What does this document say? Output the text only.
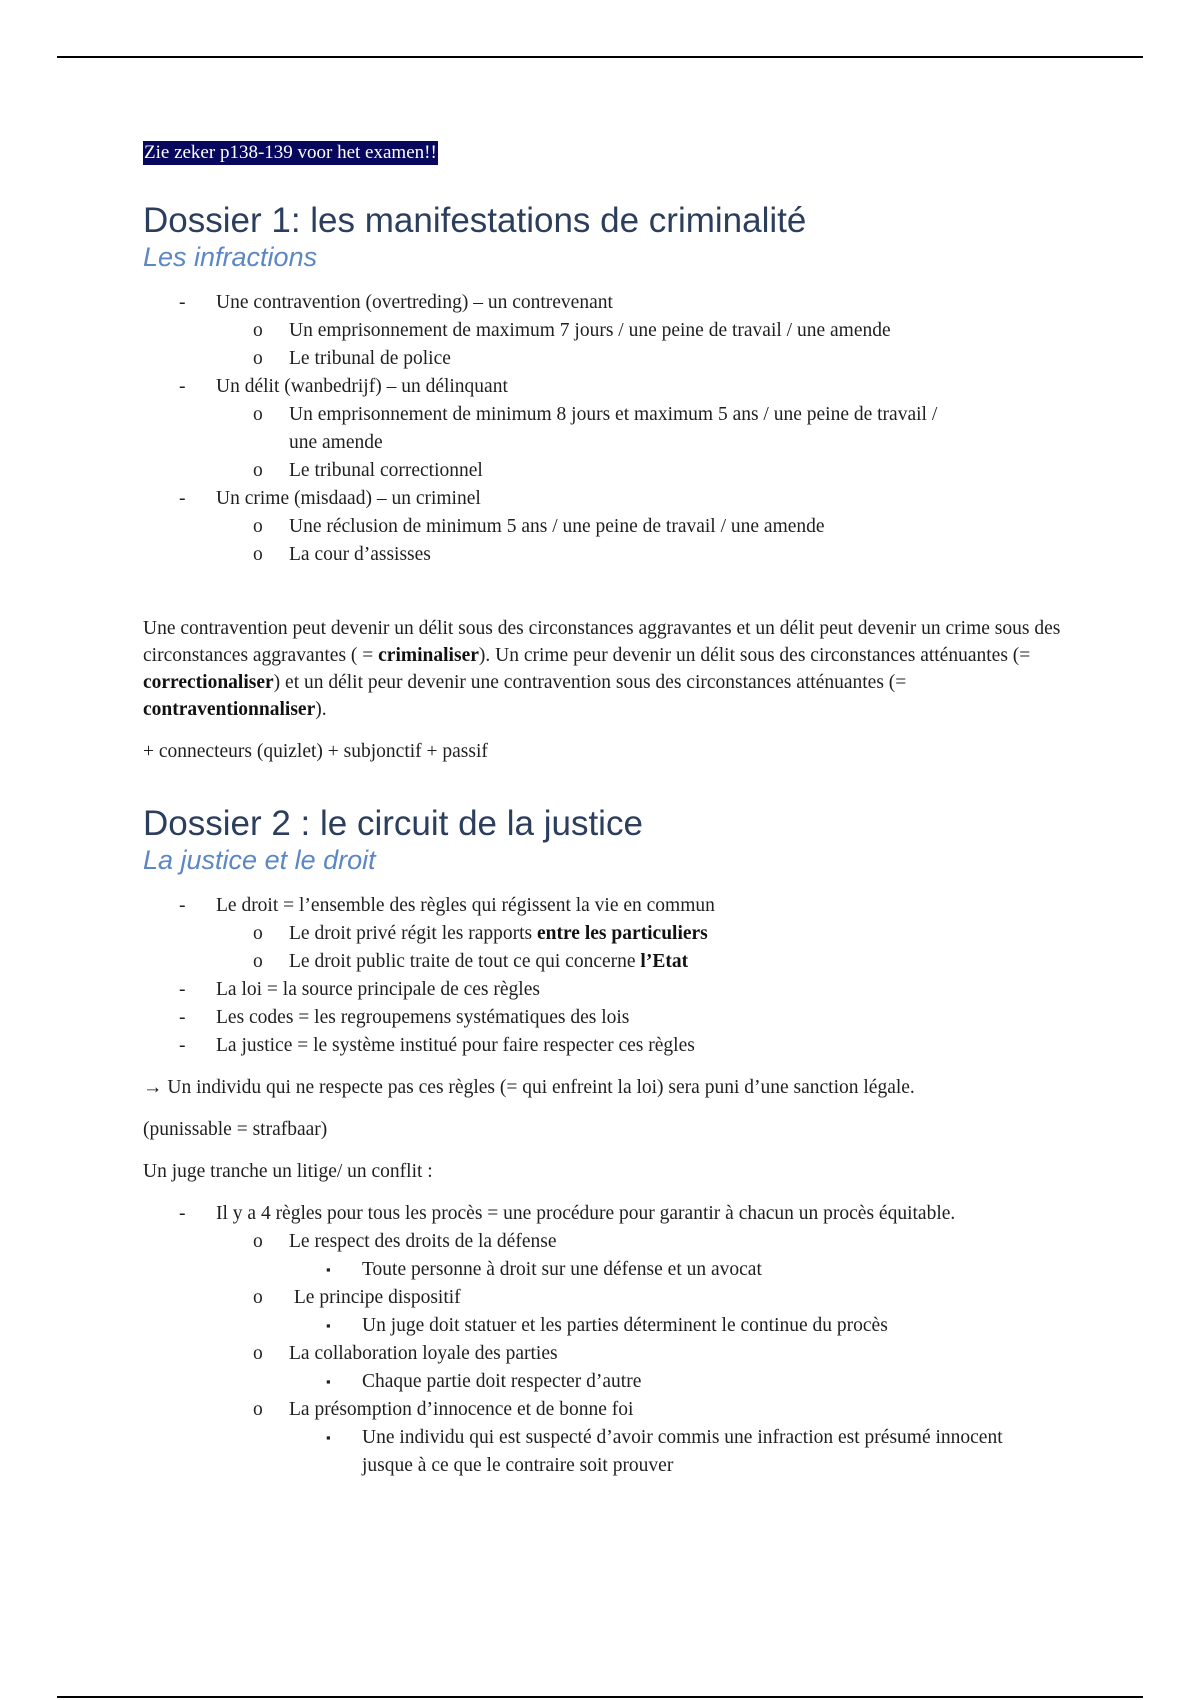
Zie zeker p138-139 voor het examen!!
Dossier 1: les manifestations de criminalité
Les infractions
- Une contravention (overtreding) – un contrevenant
o Un emprisonnement de maximum 7 jours / une peine de travail / une amende
o Le tribunal de police
- Un délit (wanbedrijf) – un délinquant
o Un emprisonnement de minimum 8 jours et maximum 5 ans / une peine de travail / une amende
o Le tribunal correctionnel
- Un crime (misdaad) – un criminel
o Une réclusion de minimum 5 ans / une peine de travail / une amende
o La cour d’assisses

Une contravention peut devenir un délit sous des circonstances aggravantes et un délit peut devenir un crime sous des circonstances aggravantes ( = criminaliser). Un crime peur devenir un délit sous des circonstances atténuantes (= correctionaliser) et un délit peur devenir une contravention sous des circonstances atténuantes (= contraventionnaliser).

+ connecteurs (quizlet) + subjonctif + passif

Dossier 2 : le circuit de la justice
La justice et le droit
- Le droit = l’ensemble des règles qui régissent la vie en commun
o Le droit privé régit les rapports entre les particuliers
o Le droit public traite de tout ce qui concerne l’Etat
- La loi = la source principale de ces règles
- Les codes = les regroupemens systématiques des lois
- La justice = le système institué pour faire respecter ces règles

→ Un individu qui ne respecte pas ces règles (= qui enfreint la loi) sera puni d’une sanction légale.

(punissable = strafbaar)

Un juge tranche un litige/ un conflit :

- Il y a 4 règles pour tous les procès = une procédure pour garantir à chacun un procès équitable.
o Le respect des droits de la défense
▪ Toute personne à droit sur une défense et un avocat
o Le principe dispositif
▪ Un juge doit statuer et les parties déterminent le continue du procès
o La collaboration loyale des parties
▪ Chaque partie doit respecter d’autre
o La présomption d’innocence et de bonne foi
▪ Une individu qui est suspecté d’avoir commis une infraction est présumé innocent jusque à ce que le contraire soit prouver
